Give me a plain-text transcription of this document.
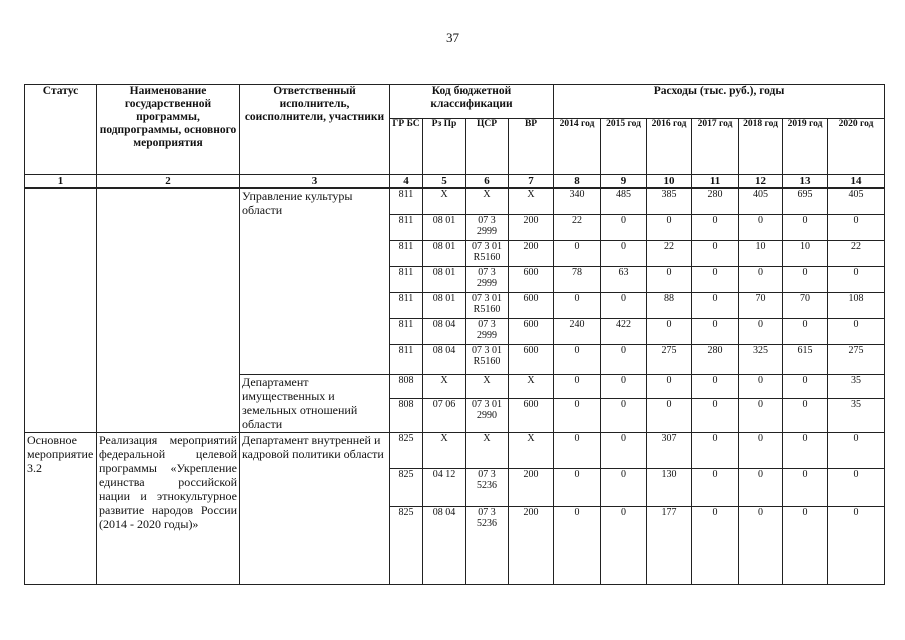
37
Статус	Наименование государственной программы, подпрограммы, основного мероприятия	Ответственный исполнитель, соисполнители, участники	Код бюджетной классификации				Расходы (тыс. руб.), годы						
			ГР БС	Рз Пр	ЦСР	ВР	2014 год	2015 год	2016 год	2017 год	2018 год	2019 год	2020 год
1	2	3	4	5	6	7	8	9	10	11	12	13	14
		Управление культуры области	811	Х	Х	Х	340	485	385	280	405	695	405
			811	08 01	07 3 2999	200	22	0	0	0	0	0	0
			811	08 01	07 3 01 R5160	200	0	0	22	0	10	10	22
			811	08 01	07 3 2999	600	78	63	0	0	0	0	0
			811	08 01	07 3 01 R5160	600	0	0	88	0	70	70	108
			811	08 04	07 3 2999	600	240	422	0	0	0	0	0
			811	08 04	07 3 01 R5160	600	0	0	275	280	325	615	275
		Департамент имущественных и земельных отношений области	808	Х	Х	Х	0	0	0	0	0	0	35
			808	07 06	07 3 01 2990	600	0	0	0	0	0	0	35
Основное мероприятие 3.2	Реализация мероприятий федеральной целевой программы «Укрепление единства российской нации и этнокультурное развитие народов России (2014 - 2020 годы)»	Департамент внутренней и кадровой политики области	825	Х	Х	Х	0	0	307	0	0	0	0
			825	04 12	07 3 5236	200	0	0	130	0	0	0	0
			825	08 04	07 3 5236	200	0	0	177	0	0	0	0
